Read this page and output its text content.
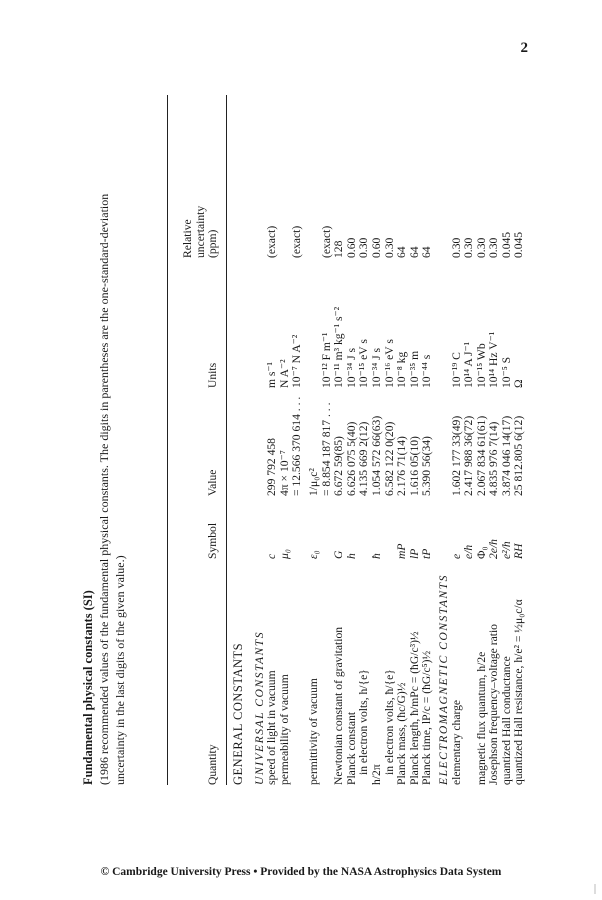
2

Fundamental physical constants (SI) (1986 recommended values of the fundamental physical constants. The digits in parentheses are the one-standard-deviation uncertainty in the last digits of the given value.)	Quantity
Symbol
Value
Units
Relative
uncertainty
(ppm)
GENERAL CONSTANTS UNIVERSAL CONSTANTS speed of light in vacuum
c
299 792 458
m s⁻¹
(exact)
permeability of vacuum
μ₀
4π × 10⁻⁷
N A⁻²
= 12.566 370 614 . . .
10⁻⁷ N A⁻²
(exact)
permittivity of vacuum
ε₀
1/μ₀c² = 8.854 187 817 . . .
10⁻¹² F m⁻¹
(exact)
Newtonian constant of gravitation
G
6.672 59(85)
10⁻¹¹ m³ kg⁻¹ s⁻²
128
Planck constant
h
6.626 075 5(40)
10⁻³⁴ J s
0.60
in electron volts, h/{e}
4.135 669 2(12)
10⁻¹⁵ eV s
0.30
h/2π
ħ
1.054 572 66(63)
10⁻³⁴ J s
0.60
in electron volts, ħ/{e}
6.582 122 0(20)
10⁻¹⁶ eV s
0.30
Planck mass, (ħc/G)½
mP
2.176 71(14)
10⁻⁸ kg
64
Planck length, ħ/mPc = (ħG/c³)½
lP
1.616 05(10)
10⁻³⁵ m
64
Planck time, lP/c = (ħG/c⁵)½
tP
5.390 56(34)
10⁻⁴⁴ s
64
ELECTROMAGNETIC CONSTANTS elementary charge
e
1.602 177 33(49)
10⁻¹⁹ C
0.30
e/h
2.417 988 36(72)
10¹⁴ A J⁻¹
0.30
magnetic flux quantum, h/2e
Φ₀
2.067 834 61(61)
10⁻¹⁵ Wb
0.30
Josephson frequency–voltage ratio
2e/h
4.835 976 7(14)
10¹⁴ Hz V⁻¹
0.30
quantized Hall conductance
e²/h
3.874 046 14(17)
10⁻⁵ S
0.045
quantized Hall resistance, h/e² = ½μ₀c/α
RH
25 812.805 6(12)
Ω
0.045
© Cambridge University Press • Provided by the NASA Astrophysics Data System
